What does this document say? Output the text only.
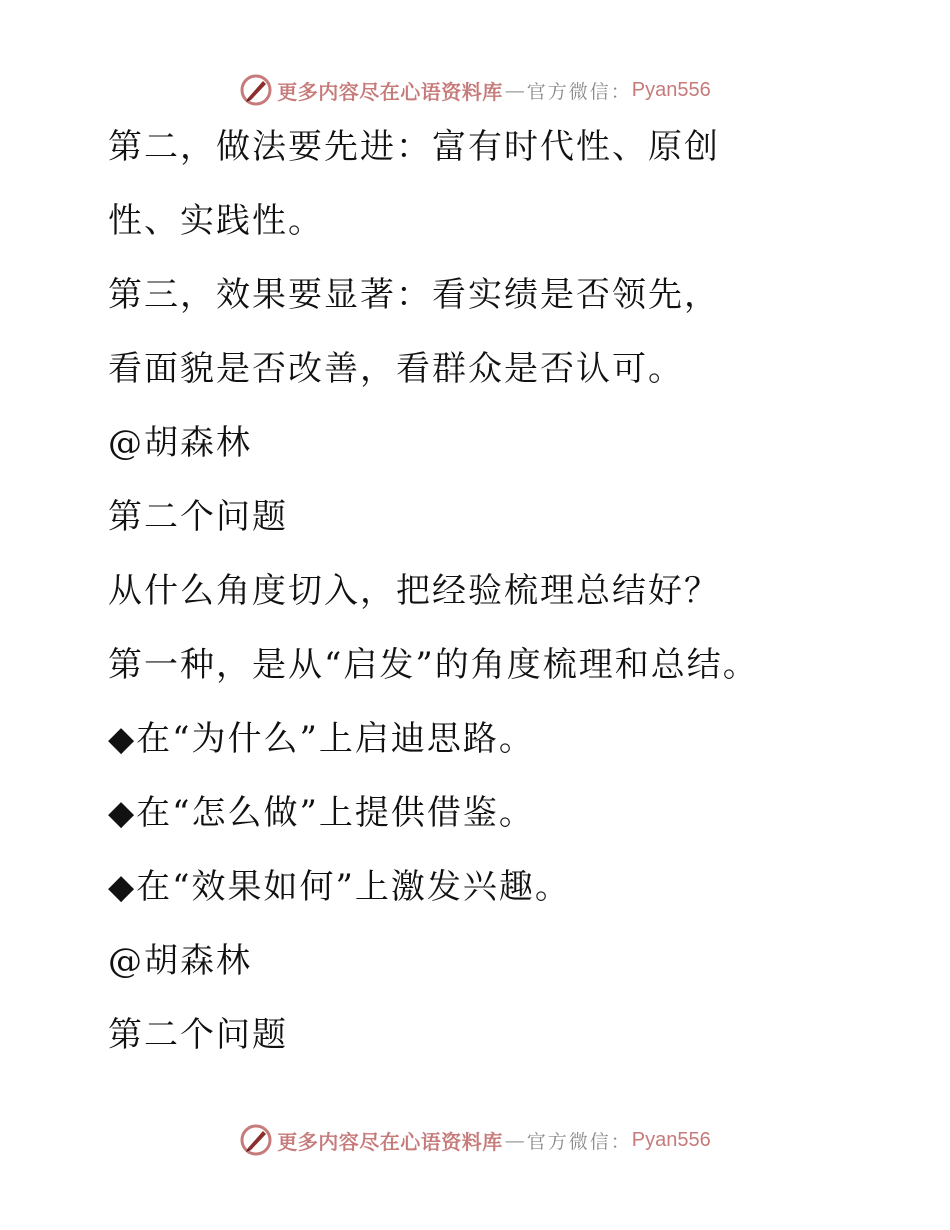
更多内容尽在心语资料库 — 官方微信： Pyan556
第二，做法要先进：富有时代性、原创
性、实践性。
第三，效果要显著：看实绩是否领先，
看面貌是否改善，看群众是否认可。
@胡森林
第二个问题
从什么角度切入，把经验梳理总结好？
第一种，是从“启发”的角度梳理和总结。
◆在“为什么”上启迪思路。
◆在“怎么做”上提供借鉴。
◆在“效果如何”上激发兴趣。
@胡森林
第二个问题
更多内容尽在心语资料库 — 官方微信： Pyan556
